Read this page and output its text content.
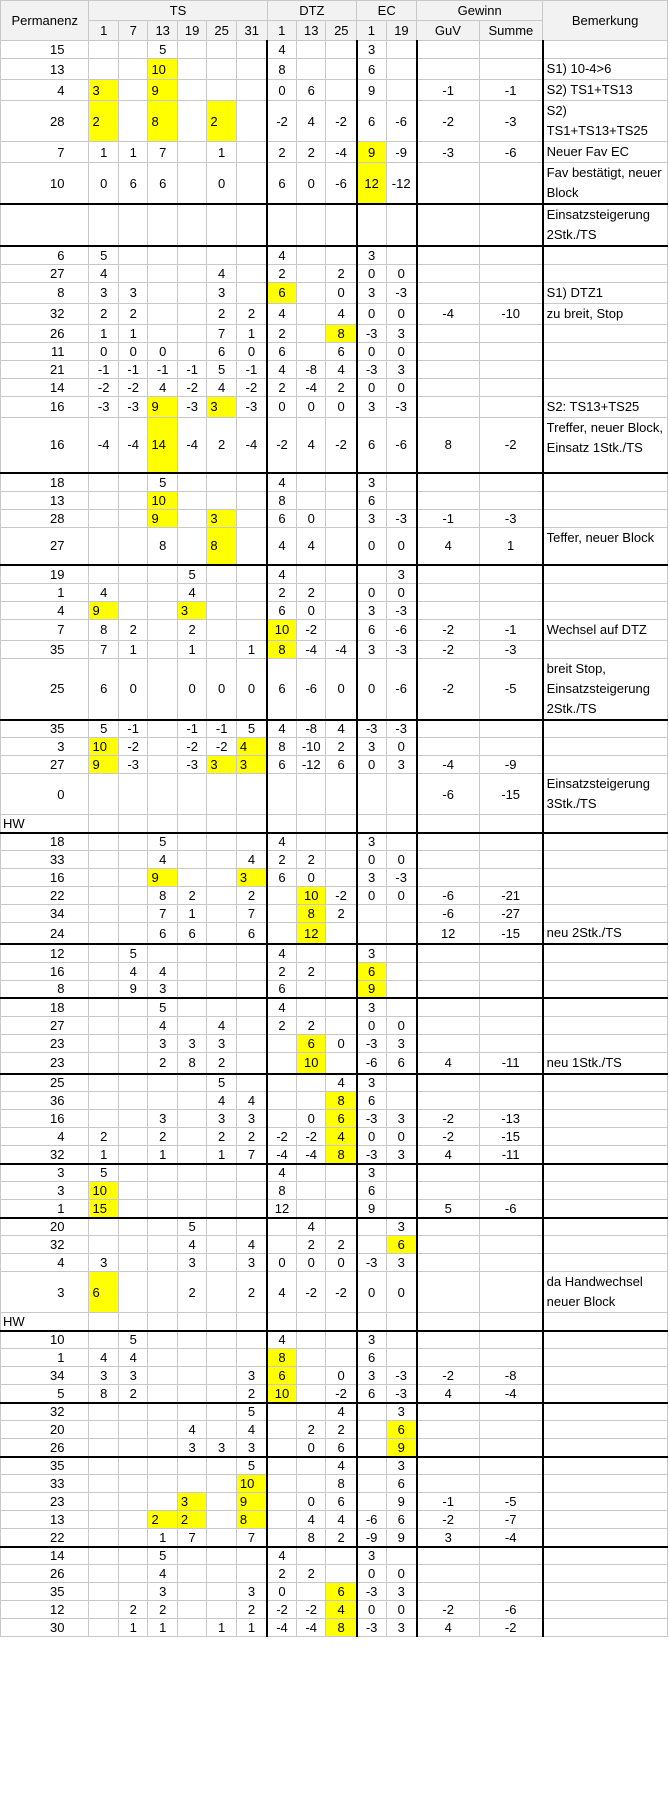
Permanenz	TS						DTZ			EC		Gewinn		Bemerkung
	1	7	13	19	25	31	1	13	25	1	19	GuV	Summe	
15			5				4			3				
13			10				8			6				S1) 10-4>6
4	3		9				0	6		9		-1	-1	S2) TS1+TS13
28	2		8		2		-2	4	-2	6	-6	-2	-3	S2) TS1+TS13+TS25
7	1	1	7		1		2	2	-4	9	-9	-3	-6	Neuer Fav EC
10	0	6	6		0		6	0	-6	12	-12			Fav bestätigt, neuer Block
														Einsatzsteigerung 2Stk./TS
6	5						4			3				
27	4				4		2		2	0	0			
8	3	3			3		6		0	3	-3			S1) DTZ1
32	2	2			2	2	4		4	0	0	-4	-10	zu breit, Stop
26	1	1			7	1	2		8	-3	3			
11	0	0	0		6	0	6		6	0	0			
21	-1	-1	-1	-1	5	-1	4	-8	4	-3	3			
14	-2	-2	4	-2	4	-2	2	-4	2	0	0			
16	-3	-3	9	-3	3	-3	0	0	0	3	-3			S2: TS13+TS25
16	-4	-4	14	-4	2	-4	-2	4	-2	6	-6	8	-2	Treffer, neuer Block, Einsatz 1Stk./TS
18			5				4			3				
13			10				8			6				
28			9		3		6	0		3	-3	-1	-3	
27			8		8		4	4		0	0	4	1	Teffer, neuer Block
19				5			4				3			
1	4			4			2	2		0	0			
4	9			3			6	0		3	-3			
7	8	2		2			10	-2		6	-6	-2	-1	Wechsel auf DTZ
35	7	1		1		1	8	-4	-4	3	-3	-2	-3	
25	6	0		0	0	0	6	-6	0	0	-6	-2	-5	breit Stop, Einsatzsteigerung 2Stk./TS
35	5	-1		-1	-1	5	4	-8	4	-3	-3			
3	10	-2		-2	-2	4	8	-10	2	3	0			
27	9	-3		-3	3	3	6	-12	6	0	3	-4	-9	
0												-6	-15	Einsatzsteigerung 3Stk./TS
HW														
18			5				4			3				
33			4			4	2	2		0	0			
16			9			3	6	0		3	-3			
22			8	2		2		10	-2	0	0	-6	-21	
34			7	1		7		8	2			-6	-27	
24			6	6		6		12				12	-15	neu 2Stk./TS
12		5					4			3				
16		4	4				2	2		6				
8		9	3				6			9				
18			5				4			3				
27			4		4		2	2		0	0			
23			3	3	3			6	0	-3	3			
23			2	8	2			10		-6	6	4	-11	neu 1Stk./TS
25					5				4	3				
36					4	4			8	6				
16			3		3	3		0	6	-3	3	-2	-13	
4	2		2		2	2	-2	-2	4	0	0	-2	-15	
32	1		1		1	7	-4	-4	8	-3	3	4	-11	
3	5						4			3				
3	10						8			6				
1	15						12			9		5	-6	
20				5				4			3			
32				4		4		2	2		6			
4	3			3		3	0	0	0	-3	3			
3	6			2		2	4	-2	-2	0	0			da Handwechsel neuer Block
HW														
10		5					4			3				
1	4	4					8			6				
34	3	3				3	6		0	3	-3	-2	-8	
5	8	2				2	10		-2	6	-3	4	-4	
32						5			4		3			
20				4		4		2	2		6			
26				3	3	3		0	6		9			
35						5			4		3			
33						10			8		6			
23				3		9		0	6		9	-1	-5	
13			2	2		8		4	4	-6	6	-2	-7	
22			1	7		7		8	2	-9	9	3	-4	
14			5				4			3				
26			4				2	2		0	0			
35			3			3	0		6	-3	3			
12		2	2			2	-2	-2	4	0	0	-2	-6	
30		1	1		1	1	-4	-4	8	-3	3	4	-2	
